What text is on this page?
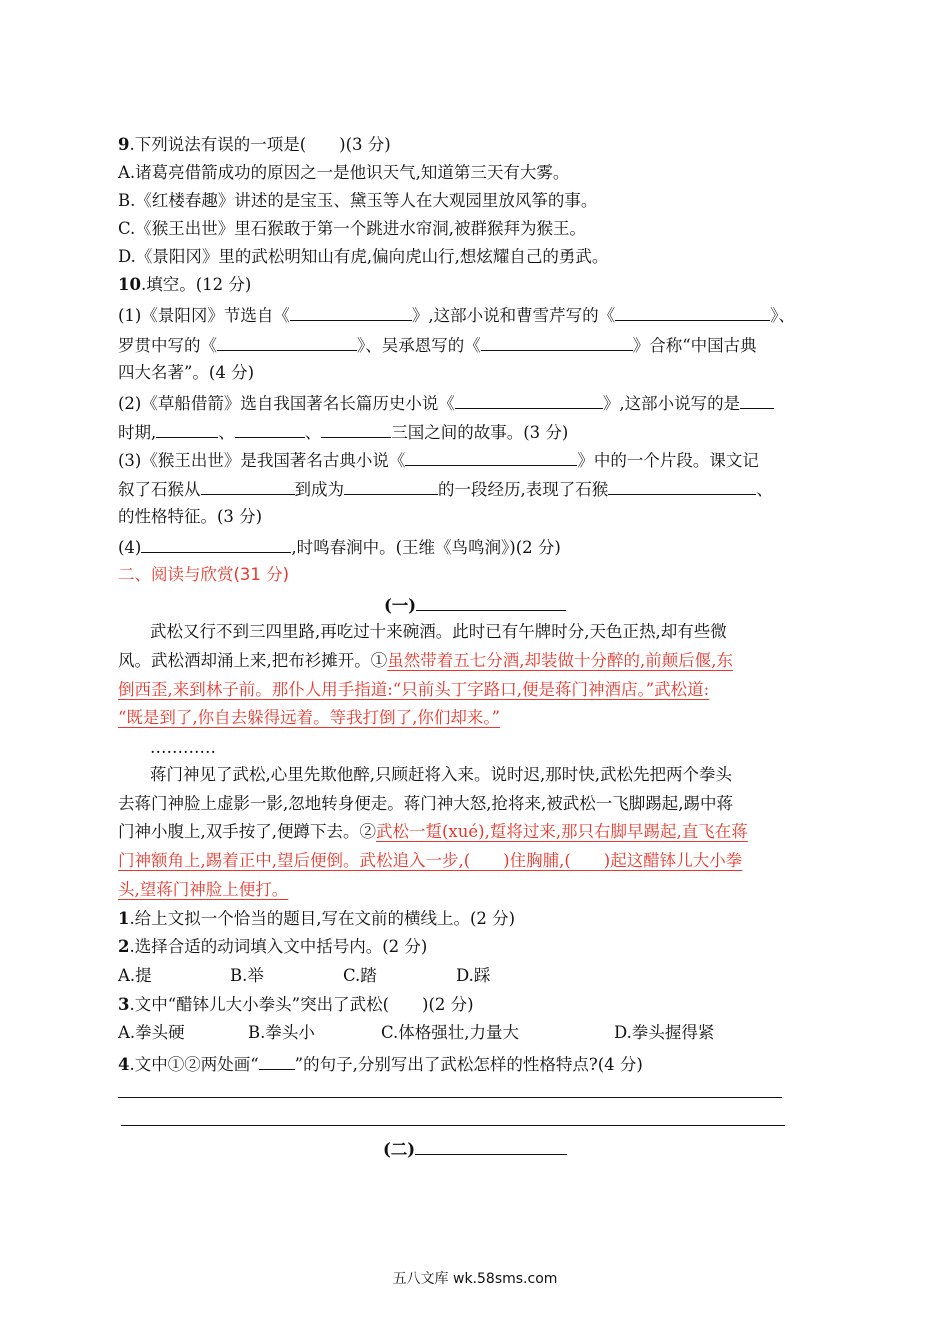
9.下列说法有误的一项是(　　)(3 分)
A.诸葛亮借箭成功的原因之一是他识天气,知道第三天有大雾。
B.《红楼春趣》讲述的是宝玉、黛玉等人在大观园里放风筝的事。
C.《猴王出世》里石猴敢于第一个跳进水帘洞,被群猴拜为猴王。
D.《景阳冈》里的武松明知山有虎,偏向虎山行,想炫耀自己的勇武。
10.填空。(12 分)
(1)《景阳冈》节选自《	》,这部小说和曹雪芹写的《	》、
罗贯中写的《	》、吴承恩写的《	》合称“中国古典
四大名著”。(4 分)
(2)《草船借箭》选自我国著名长篇历史小说《	》,这部小说写的是
时期,	、	、	三国之间的故事。(3 分)
(3)《猴王出世》是我国著名古典小说《	》中的一个片段。课文记
叙了石猴从	到成为	的一段经历,表现了石猴	、
的性格特征。(3 分)
(4)	,时鸣春涧中。(王维《鸟鸣涧》)(2 分)
二、阅读与欣赏(31 分)
(一)
武松又行不到三四里路,再吃过十来碗酒。此时已有午牌时分,天色正热,却有些微
风。武松酒却涌上来,把布衫摊开。①虽然带着五七分酒,却装做十分醉的,前颠后偃,东
倒西歪,来到林子前。那仆人用手指道:“只前头丁字路口,便是蒋门神酒店。”武松道:
“既是到了,你自去躲得远着。等我打倒了,你们却来。”
…………
蒋门神见了武松,心里先欺他醉,只顾赶将入来。说时迟,那时快,武松先把两个拳头
去蒋门神脸上虚影一影,忽地转身便走。蒋门神大怒,抢将来,被武松一飞脚踢起,踢中蒋
门神小腹上,双手按了,便蹲下去。②武松一踅(xué),踅将过来,那只右脚早踢起,直飞在蒋
门神额角上,踢着正中,望后便倒。武松追入一步,(　　)住胸脯,(　　)起这醋钵儿大小拳
头,望蒋门神脸上便打。
1.给上文拟一个恰当的题目,写在文前的横线上。(2 分)
2.选择合适的动词填入文中括号内。(2 分)
A.提	B.举	C.踏	D.踩
3.文中“醋钵儿大小拳头”突出了武松(　　)(2 分)
A.拳头硬	B.拳头小	C.体格强壮,力量大	D.拳头握得紧
4.文中①②两处画“ ”的句子,分别写出了武松怎样的性格特点?(4 分)
(二)
五八文库 wk.58sms.com
